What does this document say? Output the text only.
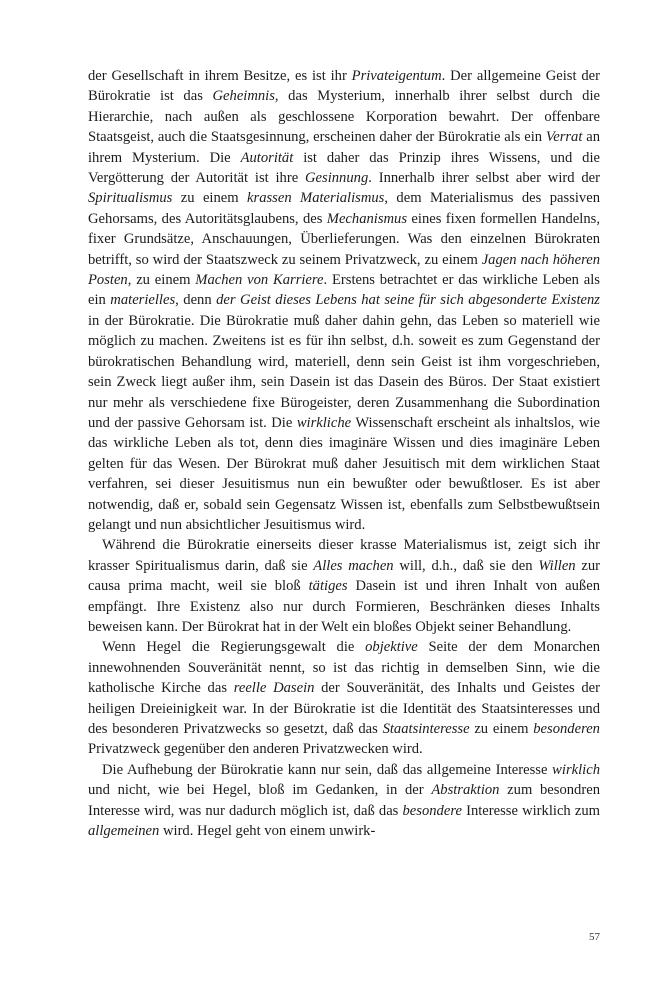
der Gesellschaft in ihrem Besitze, es ist ihr Privateigentum. Der allgemeine Geist der Bürokratie ist das Geheimnis, das Mysterium, innerhalb ihrer selbst durch die Hierarchie, nach außen als geschlossene Korporation bewahrt. Der offenbare Staatsgeist, auch die Staatsgesinnung, erscheinen daher der Bürokratie als ein Verrat an ihrem Mysterium. Die Autorität ist daher das Prinzip ihres Wissens, und die Vergötterung der Autorität ist ihre Gesinnung. Innerhalb ihrer selbst aber wird der Spiritualismus zu einem krassen Materialismus, dem Materialismus des passiven Gehorsams, des Autoritätsglaubens, des Mechanismus eines fixen formellen Handelns, fixer Grundsätze, Anschauungen, Überlieferungen. Was den einzelnen Bürokraten betrifft, so wird der Staatszweck zu seinem Privatzweck, zu einem Jagen nach höheren Posten, zu einem Machen von Karriere. Erstens betrachtet er das wirkliche Leben als ein materielles, denn der Geist dieses Lebens hat seine für sich abgesonderte Existenz in der Bürokratie. Die Bürokratie muß daher dahin gehn, das Leben so materiell wie möglich zu machen. Zweitens ist es für ihn selbst, d.h. soweit es zum Gegenstand der bürokratischen Behandlung wird, materiell, denn sein Geist ist ihm vorgeschrieben, sein Zweck liegt außer ihm, sein Dasein ist das Dasein des Büros. Der Staat existiert nur mehr als verschiedene fixe Bürogeister, deren Zusammenhang die Subordination und der passive Gehorsam ist. Die wirkliche Wissenschaft erscheint als inhaltslos, wie das wirkliche Leben als tot, denn dies imaginäre Wissen und dies imaginäre Leben gelten für das Wesen. Der Bürokrat muß daher Jesuitisch mit dem wirklichen Staat verfahren, sei dieser Jesuitismus nun ein bewußter oder bewußtloser. Es ist aber notwendig, daß er, sobald sein Gegensatz Wissen ist, ebenfalls zum Selbstbewußtsein gelangt und nun absichtlicher Jesuitismus wird.

Während die Bürokratie einerseits dieser krasse Materialismus ist, zeigt sich ihr krasser Spiritualismus darin, daß sie Alles machen will, d.h., daß sie den Willen zur causa prima macht, weil sie bloß tätiges Dasein ist und ihren Inhalt von außen empfängt. Ihre Existenz also nur durch Formieren, Beschränken dieses Inhalts beweisen kann. Der Bürokrat hat in der Welt ein bloßes Objekt seiner Behandlung.

Wenn Hegel die Regierungsgewalt die objektive Seite der dem Monarchen innewohnenden Souveränität nennt, so ist das richtig in demselben Sinn, wie die katholische Kirche das reelle Dasein der Souveränität, des Inhalts und Geistes der heiligen Dreieinigkeit war. In der Bürokratie ist die Identität des Staatsinteresses und des besonderen Privatzwecks so gesetzt, daß das Staatsinteresse zu einem besonderen Privatzweck gegenüber den anderen Privatzwecken wird.

Die Aufhebung der Bürokratie kann nur sein, daß das allgemeine Interesse wirklich und nicht, wie bei Hegel, bloß im Gedanken, in der Abstraktion zum besondren Interesse wird, was nur dadurch möglich ist, daß das besondere Interesse wirklich zum allgemeinen wird. Hegel geht von einem unwirk-

57
